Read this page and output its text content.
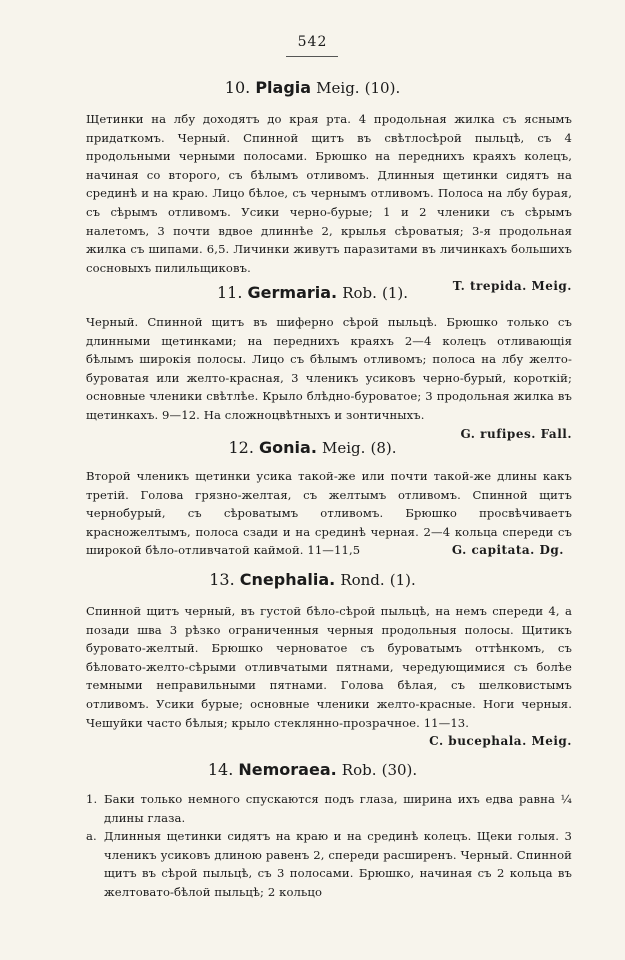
542
10. Plagia Meig. (10).

Щетинки на лбу доходятъ до края рта. 4 продольная жилка съ яснымъ придаткомъ. Черный. Спинной щитъ въ свѣтлосѣрой пыльцѣ, съ 4 продольными черными полосами. Брюшко на переднихъ краяхъ колецъ, начиная со второго, съ бѣлымъ отливомъ. Длинныя щетинки сидятъ на срединѣ и на краю. Лицо бѣлое, съ чернымъ отливомъ. Полоса на лбу бурая, съ сѣрымъ отливомъ. Усики черно-бурые; 1 и 2 членики съ сѣрымъ налетомъ, 3 почти вдвое длиннѣе 2, крылья сѣроватыя; 3-я продольная жилка съ шипами. 6,5. Личинки живутъ паразитами въ личинкахъ большихъ сосновыхъ пилильщиковъ.

T. trepida. Meig.
11. Germaria. Rob. (1).

Черный. Спинной щитъ въ шиферно сѣрой пыльцѣ. Брюшко только съ длинными щетинками; на переднихъ краяхъ 2—4 колецъ отливающія бѣлымъ широкія полосы. Лицо съ бѣлымъ отливомъ; полоса на лбу желто-буроватая или желто-красная, 3 членикъ усиковъ черно-бурый, короткій; основные членики свѣтлѣе. Крыло блѣдно-буроватое; 3 продольная жилка въ щетинкахъ. 9—12. На сложноцвѣтныхъ и зонтичныхъ.

G. rufipes. Fall.
12. Gonia. Meig. (8).

Второй членикъ щетинки усика такой-же или почти такой-же длины какъ третій. Голова грязно-желтая, съ желтымъ отливомъ. Спинной щитъ чернобурый, съ сѣроватымъ отливомъ. Брюшко просвѣчиваетъ красножелтымъ, полоса сзади и на срединѣ черная. 2—4 кольца спереди съ широкой бѣло-отливчатой каймой. 11—11,5	G. capitata. Dg.

13. Cnephalia. Rond. (1).

Спинной щитъ черный, въ густой бѣло-сѣрой пыльцѣ, на немъ спереди 4, а позади шва 3 рѣзко ограниченныя черныя продольныя полосы. Щитикъ буровато-желтый. Брюшко черноватое съ буроватымъ оттѣнкомъ, съ бѣловато-желто-сѣрыми отливчатыми пятнами, чередующимися съ болѣе темными неправильными пятнами. Голова бѣлая, съ шелковистымъ отливомъ. Усики бурые; основные членики желто-красные. Ноги черныя. Чешуйки часто бѣлыя; крыло стеклянно-прозрачное. 11—13.

C. bucephala. Meig.
14. Nemoraea. Rob. (30).
1. Баки только немного спускаются подъ глаза, ширина ихъ едва равна ¼ длины глаза.
a. Длинныя щетинки сидятъ на краю и на срединѣ колецъ. Щеки голыя. 3 членикъ усиковъ длиною равенъ 2, спереди расширенъ. Черный. Спинной щитъ въ сѣрой пыльцѣ, съ 3 полосами. Брюшко, начиная съ 2 кольца въ желтовато-бѣлой пыльцѣ; 2 кольцо
